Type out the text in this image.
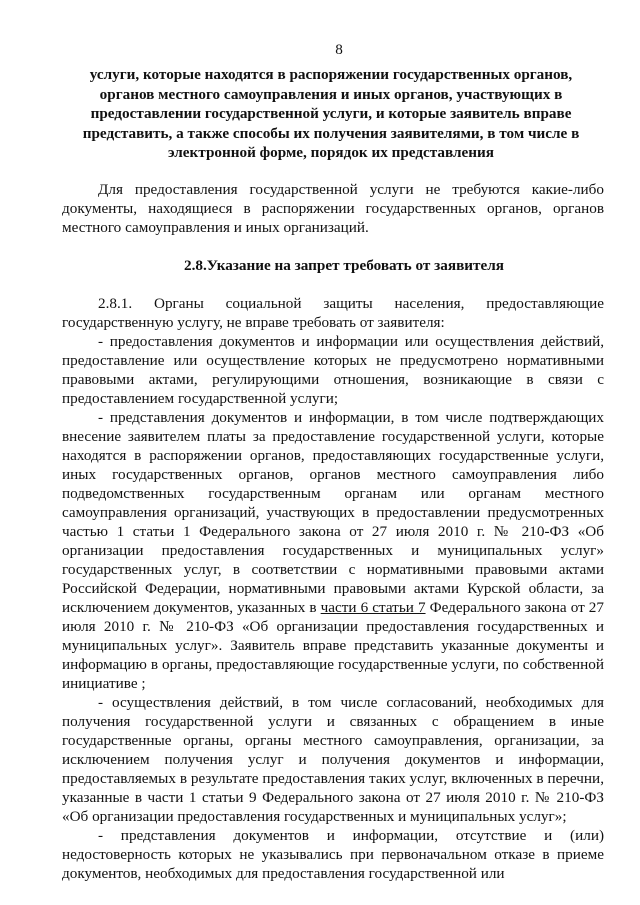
8
услуги, которые находятся в распоряжении государственных органов,
органов местного самоуправления и иных органов, участвующих в
предоставлении государственной услуги, и которые заявитель вправе
представить, а также способы их получения заявителями, в том числе в
электронной форме, порядок их представления

Для предоставления государственной услуги не требуются какие-либо документы, находящиеся в распоряжении государственных органов, органов местного самоуправления и иных организаций.

2.8.Указание на запрет требовать от заявителя

2.8.1. Органы социальной защиты населения, предоставляющие государственную услугу, не вправе требовать от заявителя:

- предоставления документов и информации или осуществления действий, предоставление или осуществление которых не предусмотрено нормативными правовыми актами, регулирующими отношения, возникающие в связи с предоставлением государственной услуги;

- представления документов и информации, в том числе подтверждающих внесение заявителем платы за предоставление государственной услуги, которые находятся в распоряжении органов, предоставляющих государственные услуги, иных государственных органов, органов местного самоуправления либо подведомственных государственным органам или органам местного самоуправления организаций, участвующих в предоставлении предусмотренных частью 1 статьи 1 Федерального закона от 27 июля 2010 г. № 210-ФЗ «Об организации предоставления государственных и муниципальных услуг» государственных услуг, в соответствии с нормативными правовыми актами Российской Федерации, нормативными правовыми актами Курской области, за исключением документов, указанных в части 6 статьи 7 Федерального закона от 27 июля 2010 г. № 210-ФЗ «Об организации предоставления государственных и муниципальных услуг». Заявитель вправе представить указанные документы и информацию в органы, предоставляющие государственные услуги, по собственной инициативе ;

- осуществления действий, в том числе согласований, необходимых для получения государственной услуги и связанных с обращением в иные государственные органы, органы местного самоуправления, организации, за исключением получения услуг и получения документов и информации, предоставляемых в результате предоставления таких услуг, включенных в перечни, указанные в части 1 статьи 9 Федерального закона от 27 июля 2010 г. № 210-ФЗ «Об организации предоставления государственных и муниципальных услуг»;

- представления документов и информации, отсутствие и (или) недостоверность которых не указывались при первоначальном отказе в приеме документов, необходимых для предоставления государственной или
